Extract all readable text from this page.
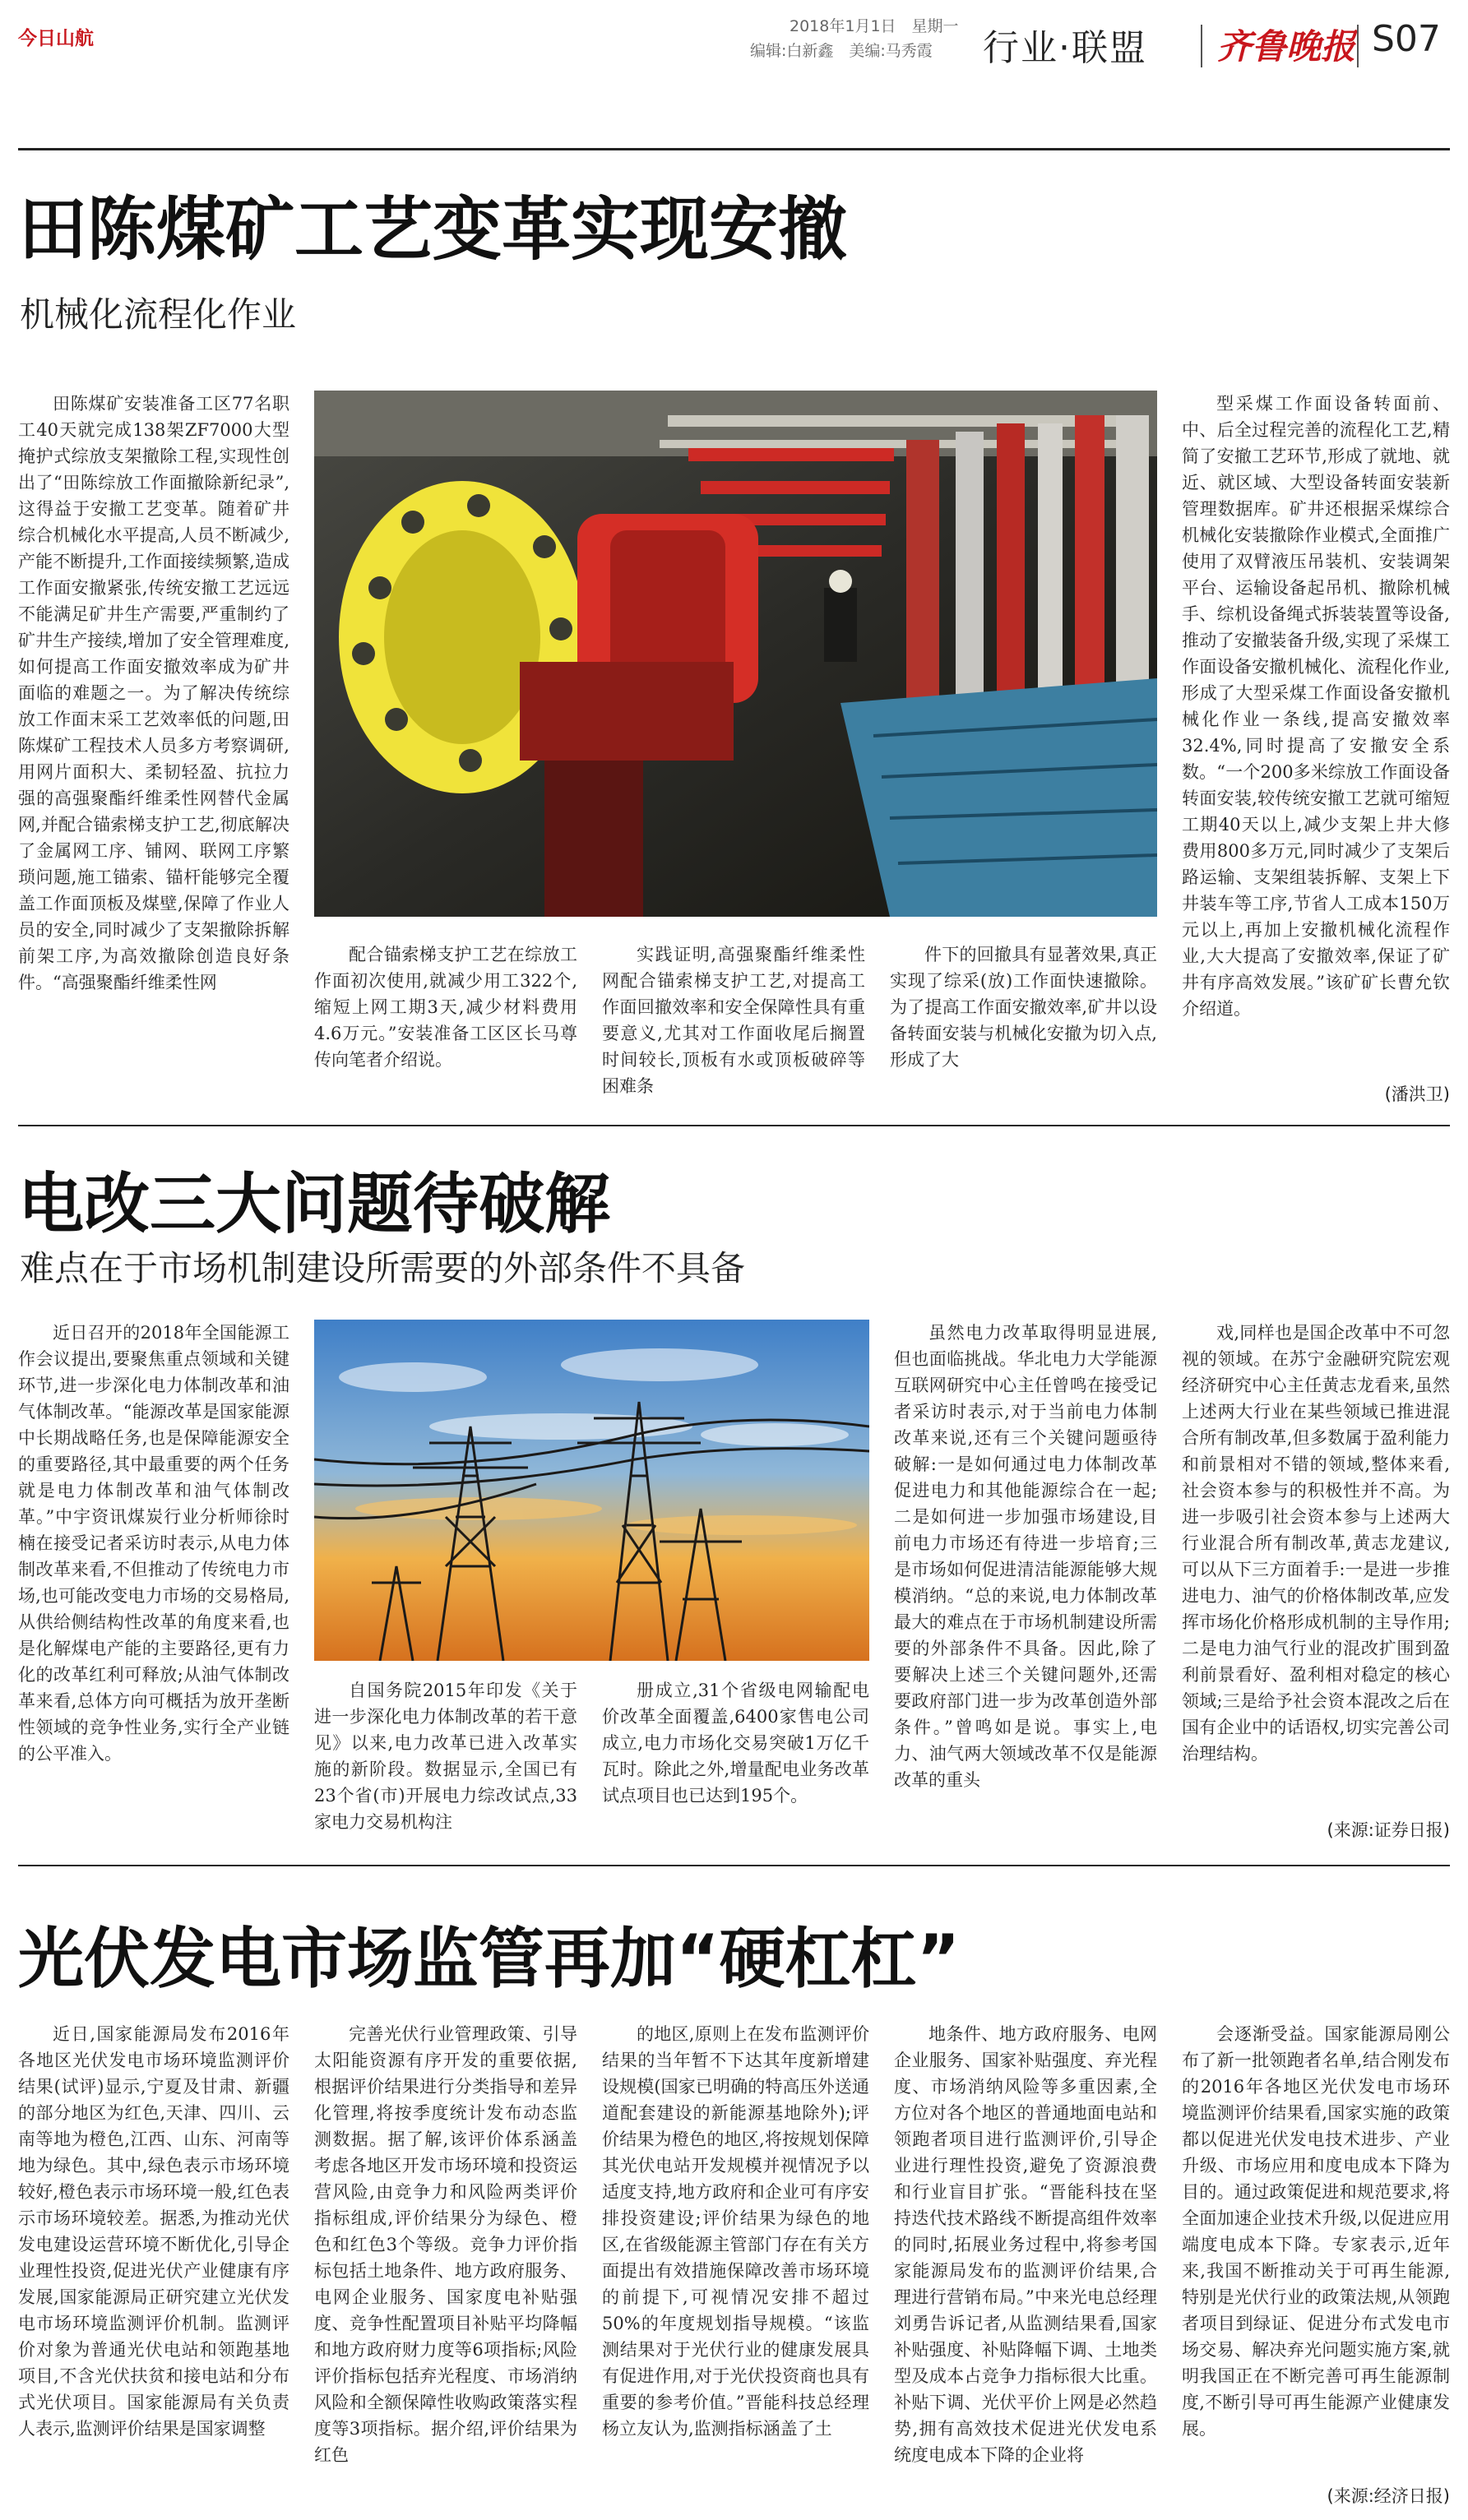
今日山航
2018年1月1日　星期一
编辑:白新鑫　美编:马秀霞 行业·联盟 齐鲁晚报 S07
田陈煤矿工艺变革实现安撤
机械化流程化作业

田陈煤矿安装准备工区77名职工40天就完成138架ZF7000大型掩护式综放支架撤除工程,实现性创出了“田陈综放工作面撤除新纪录”,这得益于安撤工艺变革。随着矿井综合机械化水平提高,人员不断减少,产能不断提升,工作面接续频繁,造成工作面安撤紧张,传统安撤工艺远远不能满足矿井生产需要,严重制约了矿井生产接续,增加了安全管理难度,如何提高工作面安撤效率成为矿井面临的难题之一。为了解决传统综放工作面末采工艺效率低的问题,田陈煤矿工程技术人员多方考察调研,用网片面积大、柔韧轻盈、抗拉力强的高强聚酯纤维柔性网替代金属网,并配合锚索梯支护工艺,彻底解决了金属网工序、铺网、联网工序繁琐问题,施工锚索、锚杆能够完全覆盖工作面顶板及煤壁,保障了作业人员的安全,同时减少了支架撤除拆解前架工序,为高效撤除创造良好条件。“高强聚酯纤维柔性网

配合锚索梯支护工艺在综放工作面初次使用,就减少用工322个,缩短上网工期3天,减少材料费用4.6万元。”安装准备工区区长马尊传向笔者介绍说。

实践证明,高强聚酯纤维柔性网配合锚索梯支护工艺,对提高工作面回撤效率和安全保障性具有重要意义,尤其对工作面收尾后搁置时间较长,顶板有水或顶板破碎等困难条

件下的回撤具有显著效果,真正实现了综采(放)工作面快速撤除。为了提高工作面安撤效率,矿井以设备转面安装与机械化安撤为切入点,形成了大

型采煤工作面设备转面前、中、后全过程完善的流程化工艺,精简了安撤工艺环节,形成了就地、就近、就区域、大型设备转面安装新管理数据库。矿井还根据采煤综合机械化安装撤除作业模式,全面推广使用了双臂液压吊装机、安装调架平台、运输设备起吊机、撤除机械手、综机设备绳式拆装装置等设备,推动了安撤装备升级,实现了采煤工作面设备安撤机械化、流程化作业,形成了大型采煤工作面设备安撤机械化作业一条线,提高安撤效率32.4%,同时提高了安撤安全系数。“一个200多米综放工作面设备转面安装,较传统安撤工艺就可缩短工期40天以上,减少支架上井大修费用800多万元,同时减少了支架后路运输、支架组装拆解、支架上下井装车等工序,节省人工成本150万元以上,再加上安撤机械化流程作业,大大提高了安撤效率,保证了矿井有序高效发展。”该矿矿长曹允钦介绍道。

(潘洪卫)
电改三大问题待破解
难点在于市场机制建设所需要的外部条件不具备

近日召开的2018年全国能源工作会议提出,要聚焦重点领域和关键环节,进一步深化电力体制改革和油气体制改革。“能源改革是国家能源中长期战略任务,也是保障能源安全的重要路径,其中最重要的两个任务就是电力体制改革和油气体制改革。”中宇资讯煤炭行业分析师徐时楠在接受记者采访时表示,从电力体制改革来看,不但推动了传统电力市场,也可能改变电力市场的交易格局,从供给侧结构性改革的角度来看,也是化解煤电产能的主要路径,更有力化的改革红利可释放;从油气体制改革来看,总体方向可概括为放开垄断性领域的竞争性业务,实行全产业链的公平准入。

自国务院2015年印发《关于进一步深化电力体制改革的若干意见》以来,电力改革已进入改革实施的新阶段。数据显示,全国已有23个省(市)开展电力综改试点,33家电力交易机构注

册成立,31个省级电网输配电价改革全面覆盖,6400家售电公司成立,电力市场化交易突破1万亿千瓦时。除此之外,增量配电业务改革试点项目也已达到195个。

虽然电力改革取得明显进展,但也面临挑战。华北电力大学能源互联网研究中心主任曾鸣在接受记者采访时表示,对于当前电力体制改革来说,还有三个关键问题亟待破解:一是如何通过电力体制改革促进电力和其他能源综合在一起;二是如何进一步加强市场建设,目前电力市场还有待进一步培育;三是市场如何促进清洁能源能够大规模消纳。“总的来说,电力体制改革最大的难点在于市场机制建设所需要的外部条件不具备。因此,除了要解决上述三个关键问题外,还需要政府部门进一步为改革创造外部条件。”曾鸣如是说。事实上,电力、油气两大领域改革不仅是能源改革的重头

戏,同样也是国企改革中不可忽视的领域。在苏宁金融研究院宏观经济研究中心主任黄志龙看来,虽然上述两大行业在某些领域已推进混合所有制改革,但多数属于盈利能力和前景相对不错的领域,整体来看,社会资本参与的积极性并不高。为进一步吸引社会资本参与上述两大行业混合所有制改革,黄志龙建议,可以从下三方面着手:一是进一步推进电力、油气的价格体制改革,应发挥市场化价格形成机制的主导作用;二是电力油气行业的混改扩围到盈利前景看好、盈利相对稳定的核心领域;三是给予社会资本混改之后在国有企业中的话语权,切实完善公司治理结构。

(来源:证券日报)
光伏发电市场监管再加“硬杠杠”

近日,国家能源局发布2016年各地区光伏发电市场环境监测评价结果(试评)显示,宁夏及甘肃、新疆的部分地区为红色,天津、四川、云南等地为橙色,江西、山东、河南等地为绿色。其中,绿色表示市场环境较好,橙色表示市场环境一般,红色表示市场环境较差。据悉,为推动光伏发电建设运营环境不断优化,引导企业理性投资,促进光伏产业健康有序发展,国家能源局正研究建立光伏发电市场环境监测评价机制。监测评价对象为普通光伏电站和领跑基地项目,不含光伏扶贫和接电站和分布式光伏项目。国家能源局有关负责人表示,监测评价结果是国家调整

完善光伏行业管理政策、引导太阳能资源有序开发的重要依据,根据评价结果进行分类指导和差异化管理,将按季度统计发布动态监测数据。据了解,该评价体系涵盖考虑各地区开发市场环境和投资运营风险,由竞争力和风险两类评价指标组成,评价结果分为绿色、橙色和红色3个等级。竞争力评价指标包括土地条件、地方政府服务、电网企业服务、国家度电补贴强度、竞争性配置项目补贴平均降幅和地方政府财力度等6项指标;风险评价指标包括弃光程度、市场消纳风险和全额保障性收购政策落实程度等3项指标。据介绍,评价结果为红色

的地区,原则上在发布监测评价结果的当年暂不下达其年度新增建设规模(国家已明确的特高压外送通道配套建设的新能源基地除外);评价结果为橙色的地区,将按规划保障其光伏电站开发规模并视情况予以适度支持,地方政府和企业可有序安排投资建设;评价结果为绿色的地区,在省级能源主管部门存在有关方面提出有效措施保障改善市场环境的前提下,可视情况安排不超过50%的年度规划指导规模。“该监测结果对于光伏行业的健康发展具有促进作用,对于光伏投资商也具有重要的参考价值。”晋能科技总经理杨立友认为,监测指标涵盖了土

地条件、地方政府服务、电网企业服务、国家补贴强度、弃光程度、市场消纳风险等多重因素,全方位对各个地区的普通地面电站和领跑者项目进行监测评价,引导企业进行理性投资,避免了资源浪费和行业盲目扩张。“晋能科技在坚持迭代技术路线不断提高组件效率的同时,拓展业务过程中,将参考国家能源局发布的监测评价结果,合理进行营销布局。”中来光电总经理刘勇告诉记者,从监测结果看,国家补贴强度、补贴降幅下调、土地类型及成本占竞争力指标很大比重。补贴下调、光伏平价上网是必然趋势,拥有高效技术促进光伏发电系统度电成本下降的企业将

会逐渐受益。国家能源局刚公布了新一批领跑者名单,结合刚发布的2016年各地区光伏发电市场环境监测评价结果看,国家实施的政策都以促进光伏发电技术进步、产业升级、市场应用和度电成本下降为目的。通过政策促进和规范要求,将全面加速企业技术升级,以促进应用端度电成本下降。专家表示,近年来,我国不断推动关于可再生能源,特别是光伏行业的政策法规,从领跑者项目到绿证、促进分布式发电市场交易、解决弃光问题实施方案,就明我国正在不断完善可再生能源制度,不断引导可再生能源产业健康发展。

(来源:经济日报)
